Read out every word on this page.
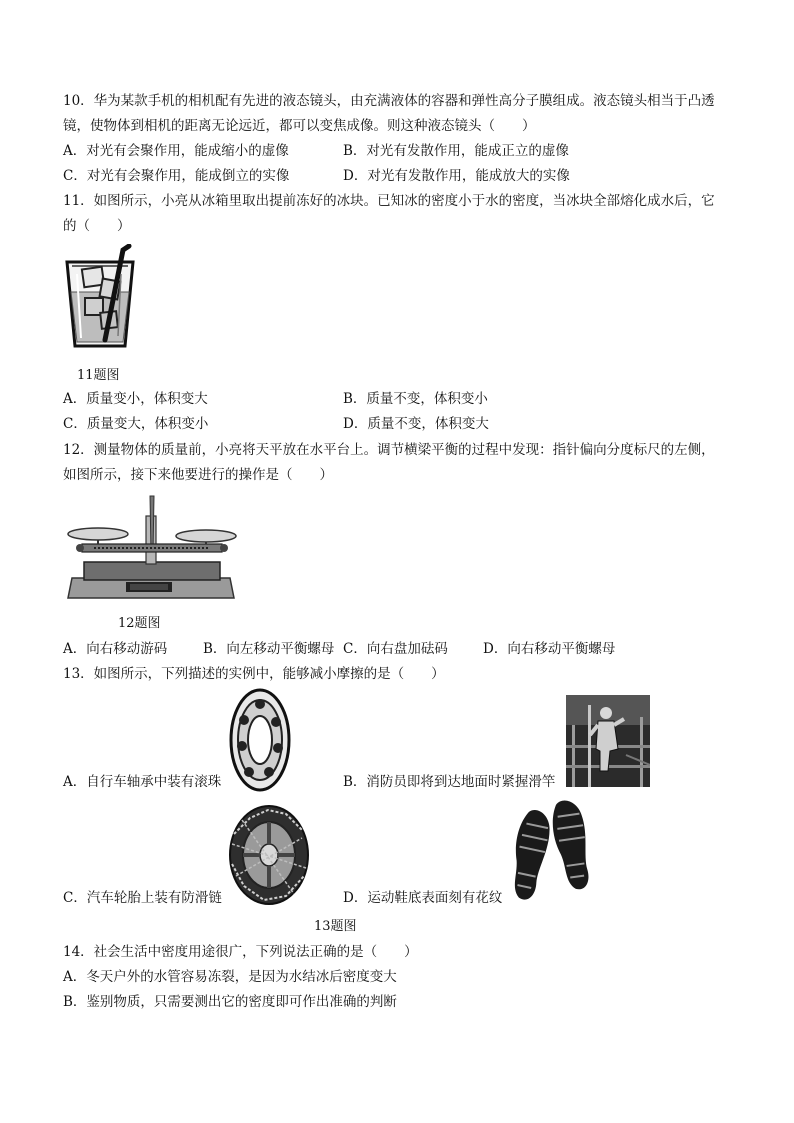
10．华为某款手机的相机配有先进的液态镜头，由充满液体的容器和弹性高分子膜组成。液态镜头相当于凸透
镜，使物体到相机的距离无论远近，都可以变焦成像。则这种液态镜头（　　）
A．对光有会聚作用，能成缩小的虚像	B．对光有发散作用，能成正立的虚像
C．对光有会聚作用，能成倒立的实像	D．对光有发散作用，能成放大的实像
11．如图所示，小亮从冰箱里取出提前冻好的冰块。已知冰的密度小于水的密度，当冰块全部熔化成水后，它
的（　　）
11题图
A．质量变小，体积变大	B．质量不变，体积变小
C．质量变大，体积变小	D．质量不变，体积变大
12．测量物体的质量前，小亮将天平放在水平台上。调节横梁平衡的过程中发现：指针偏向分度标尺的左侧，
如图所示，接下来他要进行的操作是（　　）
12题图
A．向右移动游码	B．向左移动平衡螺母 C．向右盘加砝码	D．向右移动平衡螺母
13．如图所示，下列描述的实例中，能够减小摩擦的是（　　）
A．自行车轴承中装有滚珠	B．消防员即将到达地面时紧握滑竿
C．汽车轮胎上装有防滑链	D．运动鞋底表面刻有花纹
13题图
14．社会生活中密度用途很广，下列说法正确的是（　　）
A．冬天户外的水管容易冻裂，是因为水结冰后密度变大
B．鉴别物质，只需要测出它的密度即可作出准确的判断
